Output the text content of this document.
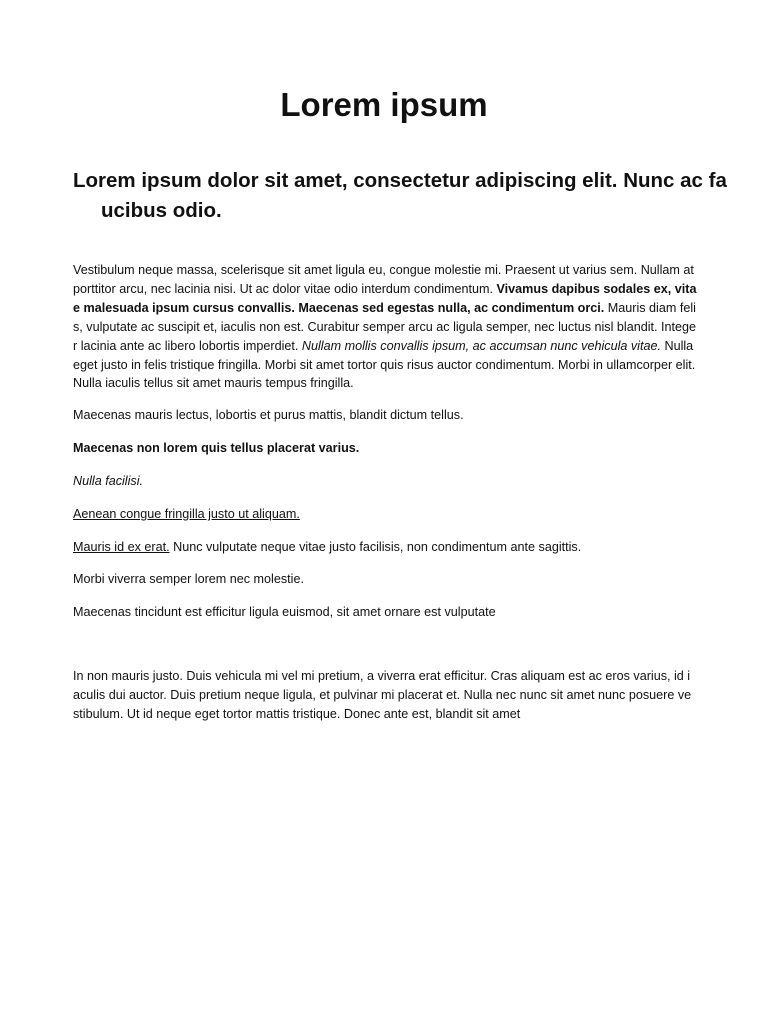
Lorem ipsum
Lorem ipsum dolor sit amet, consectetur adipiscing elit. Nunc ac faucibus odio.

Vestibulum neque massa, scelerisque sit amet ligula eu, congue molestie mi. Praesent ut varius sem. Nullam at porttitor arcu, nec lacinia nisi. Ut ac dolor vitae odio interdum condimentum. Vivamus dapibus sodales ex, vitae malesuada ipsum cursus convallis. Maecenas sed egestas nulla, ac condimentum orci. Mauris diam felis, vulputate ac suscipit et, iaculis non est. Curabitur semper arcu ac ligula semper, nec luctus nisl blandit. Integer lacinia ante ac libero lobortis imperdiet. Nullam mollis convallis ipsum, ac accumsan nunc vehicula vitae. Nulla eget justo in felis tristique fringilla. Morbi sit amet tortor quis risus auctor condimentum. Morbi in ullamcorper elit. Nulla iaculis tellus sit amet mauris tempus fringilla.

Maecenas mauris lectus, lobortis et purus mattis, blandit dictum tellus.

Maecenas non lorem quis tellus placerat varius.

Nulla facilisi.

Aenean congue fringilla justo ut aliquam.

Mauris id ex erat. Nunc vulputate neque vitae justo facilisis, non condimentum ante sagittis.

Morbi viverra semper lorem nec molestie.

Maecenas tincidunt est efficitur ligula euismod, sit amet ornare est vulputate

In non mauris justo. Duis vehicula mi vel mi pretium, a viverra erat efficitur. Cras aliquam est ac eros varius, id iaculis dui auctor. Duis pretium neque ligula, et pulvinar mi placerat et. Nulla nec nunc sit amet nunc posuere vestibulum. Ut id neque eget tortor mattis tristique. Donec ante est, blandit sit amet
